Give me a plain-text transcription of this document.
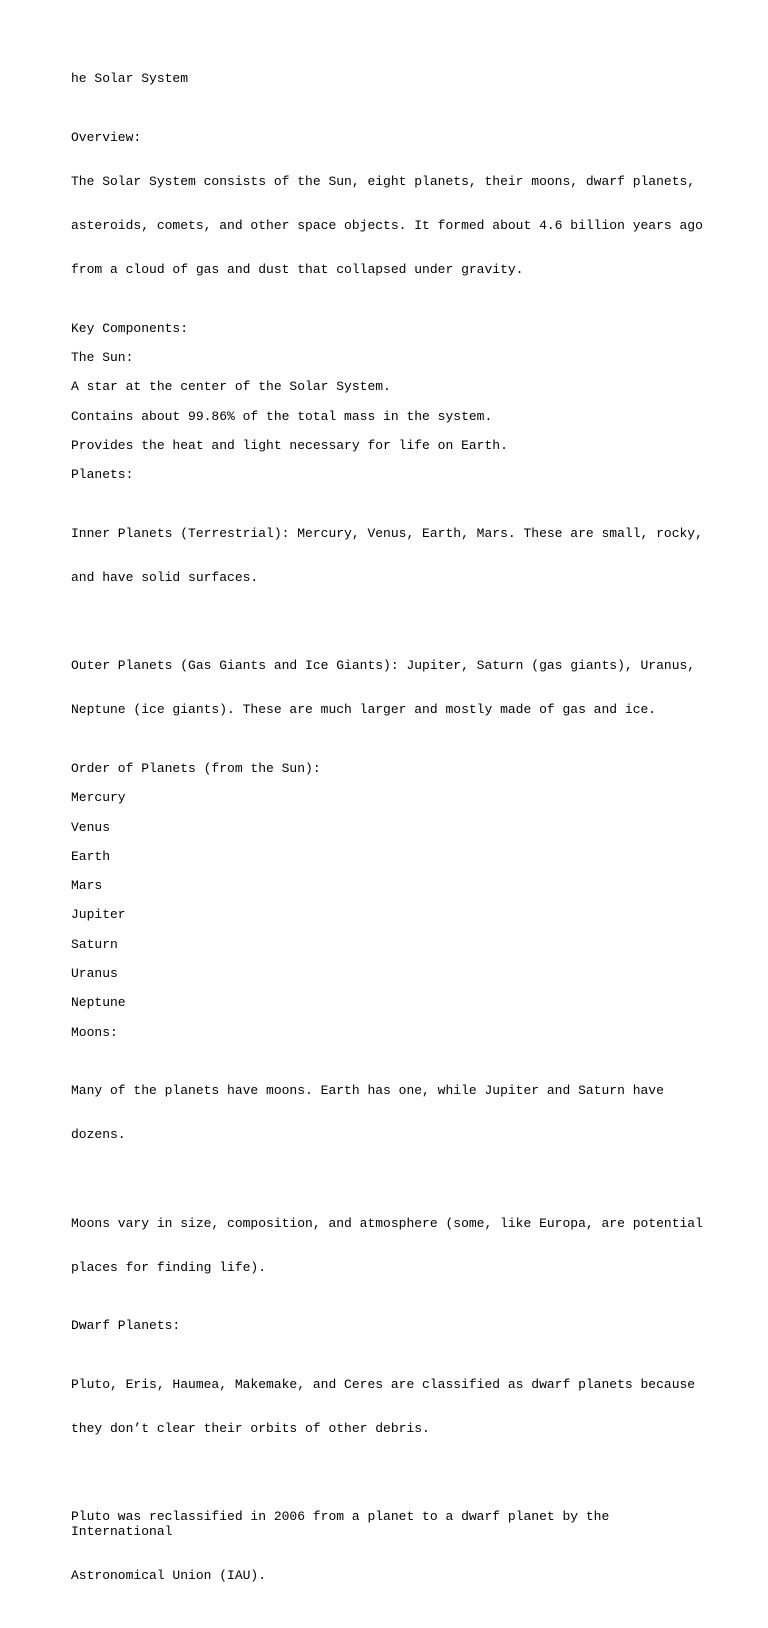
he Solar System

Overview:

The Solar System consists of the Sun, eight planets, their moons, dwarf planets,

asteroids, comets, and other space objects. It formed about 4.6 billion years ago

from a cloud of gas and dust that collapsed under gravity.

Key Components:

The Sun:

A star at the center of the Solar System.

Contains about 99.86% of the total mass in the system.

Provides the heat and light necessary for life on Earth.

Planets:

Inner Planets (Terrestrial): Mercury, Venus, Earth, Mars. These are small, rocky,

and have solid surfaces.

Outer Planets (Gas Giants and Ice Giants): Jupiter, Saturn (gas giants), Uranus,

Neptune (ice giants). These are much larger and mostly made of gas and ice.

Order of Planets (from the Sun):

Mercury

Venus

Earth

Mars

Jupiter

Saturn

Uranus

Neptune

Moons:

Many of the planets have moons. Earth has one, while Jupiter and Saturn have

dozens.

Moons vary in size, composition, and atmosphere (some, like Europa, are potential

places for finding life).

Dwarf Planets:

Pluto, Eris, Haumea, Makemake, and Ceres are classified as dwarf planets because

they don’t clear their orbits of other debris.

Pluto was reclassified in 2006 from a planet to a dwarf planet by the International

Astronomical Union (IAU).
